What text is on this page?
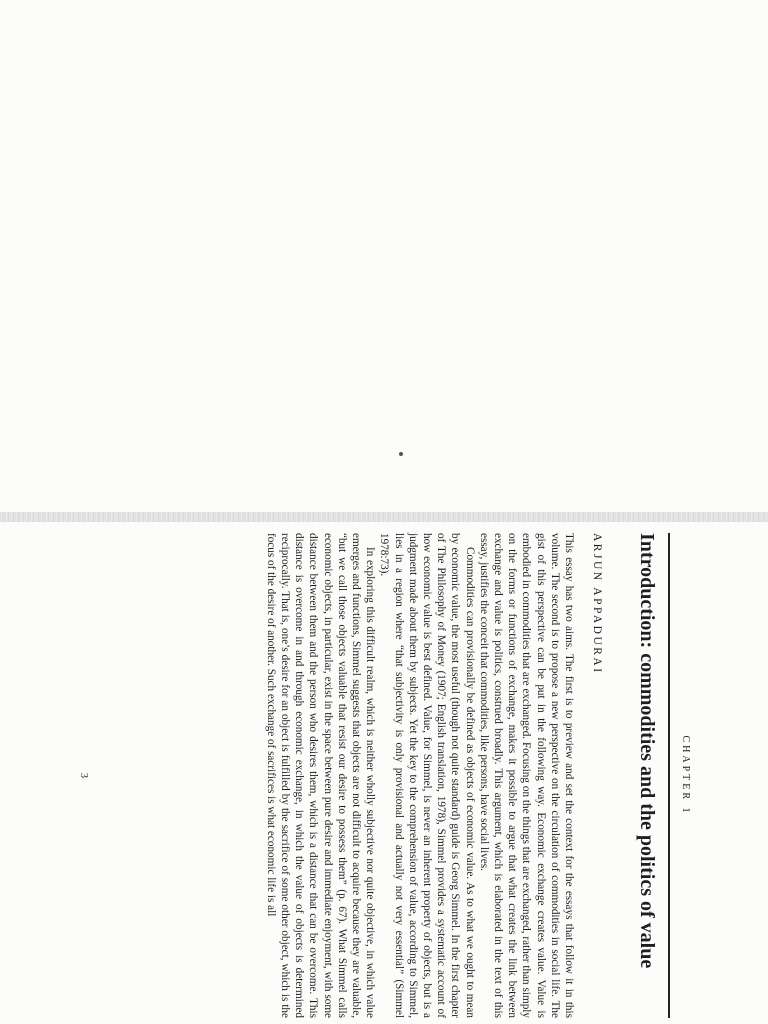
CHAPTER 1
Introduction: commodities and the politics of value
ARJUN APPADURAI

This essay has two aims. The first is to preview and set the context for the essays that follow it in this volume. The second is to propose a new perspective on the circulation of commodities in social life. The gist of this perspective can be put in the following way. Economic exchange creates value. Value is embodied in commodities that are exchanged. Focusing on the things that are exchanged, rather than simply on the forms or functions of exchange, makes it possible to argue that what creates the link between exchange and value is politics, construed broadly. This argument, which is elaborated in the text of this essay, justifies the conceit that commodities, like persons, have social lives.

Commodities can provisionally be defined as objects of economic value. As to what we ought to mean by economic value, the most useful (though not quite standard) guide is Georg Simmel. In the first chapter of The Philosophy of Money (1907; English translation, 1978), Simmel provides a systematic account of how economic value is best defined. Value, for Simmel, is never an inherent property of objects, but is a judgment made about them by subjects. Yet the key to the comprehension of value, according to Simmel, lies in a region where “that subjectivity is only provisional and actually not very essential” (Simmel 1978:73).

In exploring this difficult realm, which is neither wholly subjective nor quite objective, in which value emerges and functions, Simmel suggests that objects are not difficult to acquire because they are valuable, “but we call those objects valuable that resist our desire to possess them” (p. 67). What Simmel calls economic objects, in particular, exist in the space between pure desire and immediate enjoyment, with some distance between them and the person who desires them, which is a distance that can be overcome. This distance is overcome in and through economic exchange, in which the value of objects is determined reciprocally. That is, one’s desire for an object is fulfilled by the sacrifice of some other object, which is the focus of the desire of another. Such exchange of sacrifices is what economic life is all

3
